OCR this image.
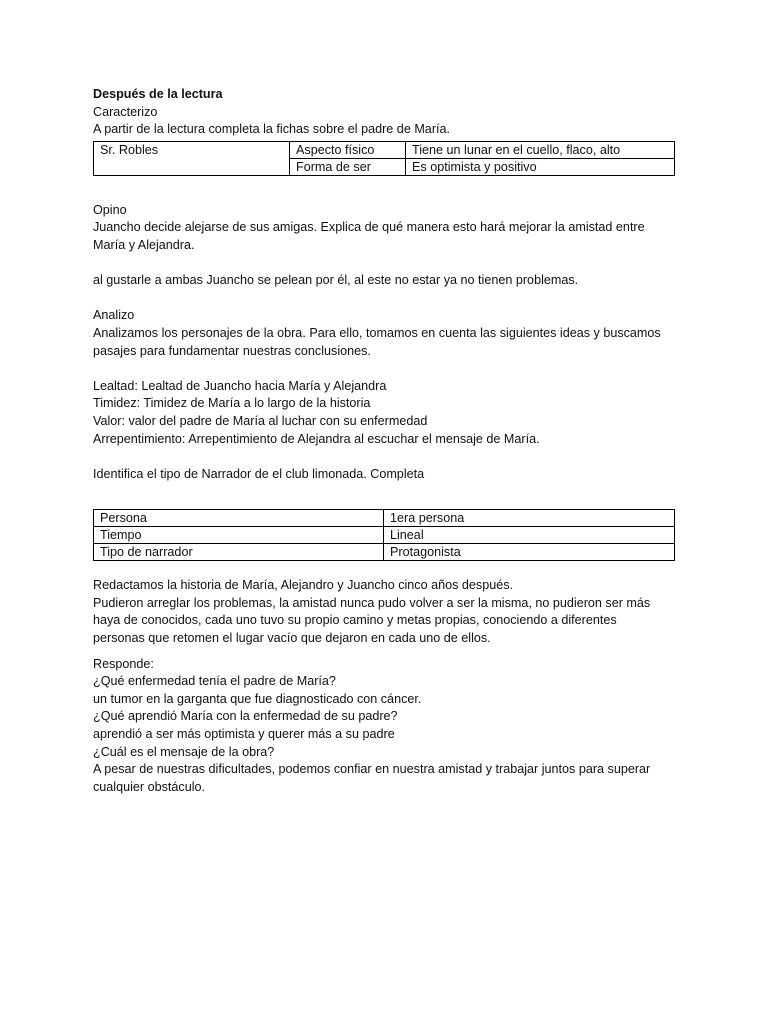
Después de la lectura
Caracterizo
A partir de la lectura completa la fichas sobre el padre de María.
Sr. Robles	Aspecto físico	Tiene un lunar en el cuello, flaco, alto
	Forma de ser	Es optimista y positivo
Opino
Juancho decide alejarse de sus amigas. Explica de qué manera esto hará mejorar la amistad entre
María y Alejandra.
al gustarle a ambas Juancho se pelean por él, al este no estar ya no tienen problemas.
Analizo
Analizamos los personajes de la obra. Para ello, tomamos en cuenta las siguientes ideas y buscamos
pasajes para fundamentar nuestras conclusiones.
Lealtad: Lealtad de Juancho hacia María y Alejandra
Timidez: Timidez de María a lo largo de la historia
Valor: valor del padre de María al luchar con su enfermedad
Arrepentimiento: Arrepentimiento de Alejandra al escuchar el mensaje de María.
Identifica el tipo de Narrador de el club limonada. Completa
Persona	1era persona
Tiempo	Lineal
Tipo de narrador	Protagonista
Redactamos la historia de María, Alejandro y Juancho cinco años después.
Pudieron arreglar los problemas, la amistad nunca pudo volver a ser la misma, no pudieron ser más
haya de conocidos, cada uno tuvo su propio camino y metas propias, conociendo a diferentes
personas que retomen el lugar vacío que dejaron en cada uno de ellos.
Responde:
¿Qué enfermedad tenía el padre de María?
un tumor en la garganta que fue diagnosticado con cáncer.
¿Qué aprendió María con la enfermedad de su padre?
aprendió a ser más optimista y querer más a su padre
¿Cuál es el mensaje de la obra?
A pesar de nuestras dificultades, podemos confiar en nuestra amistad y trabajar juntos para superar
cualquier obstáculo.
